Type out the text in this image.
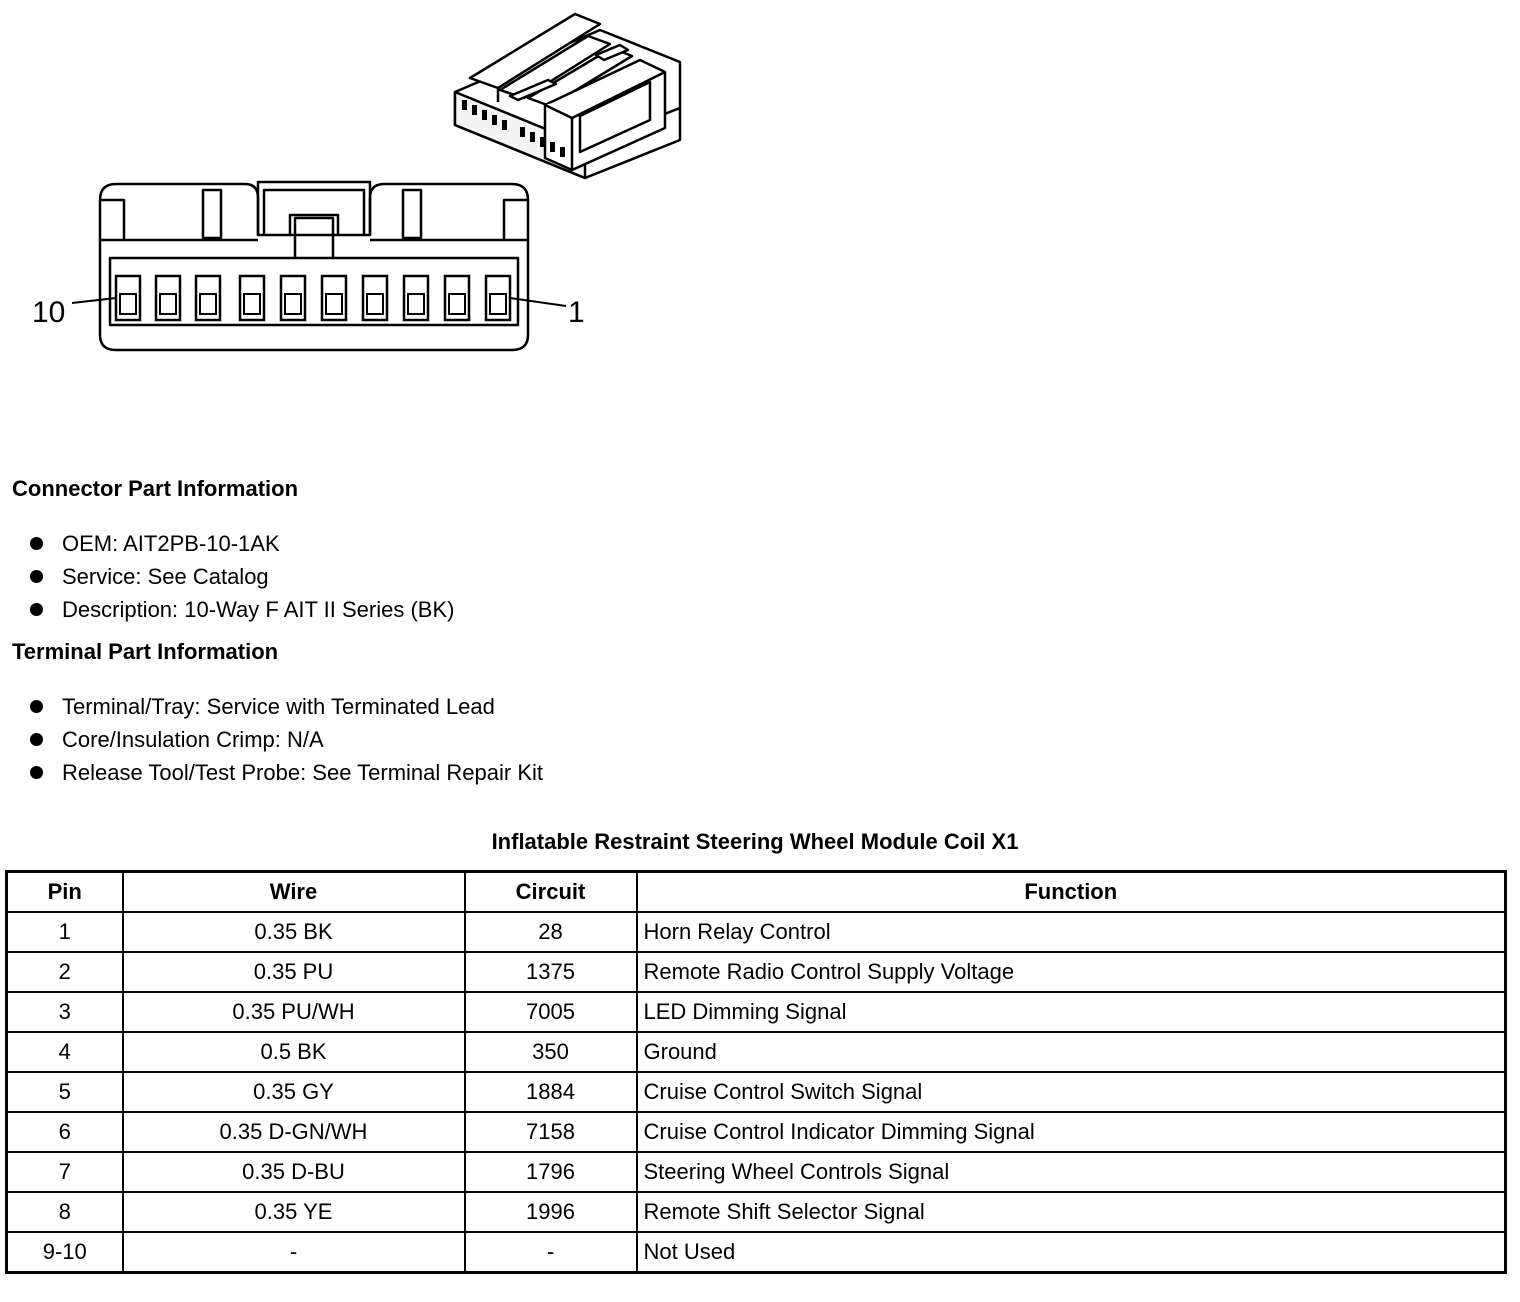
10	1
Connector Part Information
OEM: AIT2PB-10-1AK
Service: See Catalog
Description: 10-Way F AIT II Series (BK)
Terminal Part Information
Terminal/Tray: Service with Terminated Lead
Core/Insulation Crimp: N/A
Release Tool/Test Probe: See Terminal Repair Kit
Inflatable Restraint Steering Wheel Module Coil X1
Pin	Wire	Circuit	Function
1	0.35 BK	28	Horn Relay Control
2	0.35 PU	1375	Remote Radio Control Supply Voltage
3	0.35 PU/WH	7005	LED Dimming Signal
4	0.5 BK	350	Ground
5	0.35 GY	1884	Cruise Control Switch Signal
6	0.35 D-GN/WH	7158	Cruise Control Indicator Dimming Signal
7	0.35 D-BU	1796	Steering Wheel Controls Signal
8	0.35 YE	1996	Remote Shift Selector Signal
9-10	-	-	Not Used
